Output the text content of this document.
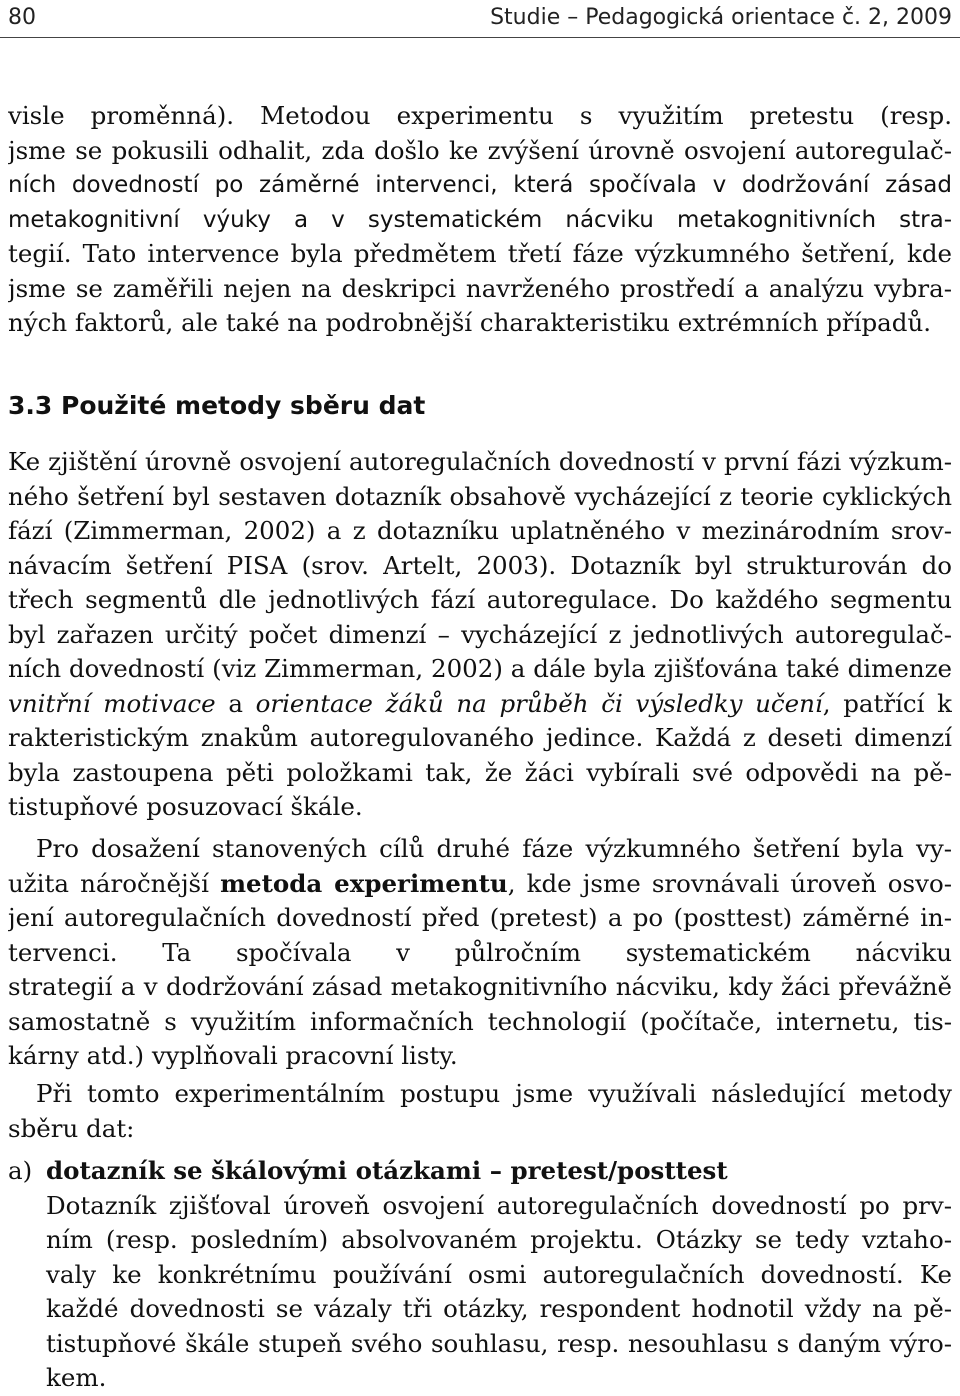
80	Studie – Pedagogická orientace č. 2, 2009
visle proměnná). Metodou experimentu s využitím pretestu (resp.
jsme se pokusili odhalit, zda došlo ke zvýšení úrovně osvojení autoregulač-
ních dovedností po záměrné intervenci, která spočívala v dodržování zásad
metakognitivní výuky a v systematickém nácviku metakognitivních stra-
tegií. Tato intervence byla předmětem třetí fáze výzkumného šetření, kde
jsme se zaměřili nejen na deskripci navrženého prostředí a analýzu vybra-
ných faktorů, ale také na podrobnější charakteristiku extrémních případů.
3.3 Použité metody sběru dat
Ke zjištění úrovně osvojení autoregulačních dovedností v první fázi výzkum-
ného šetření byl sestaven dotazník obsahově vycházející z teorie cyklických
fází (Zimmerman, 2002) a z dotazníku uplatněného v mezinárodním srov-
návacím šetření PISA (srov. Artelt, 2003). Dotazník byl strukturován do
třech segmentů dle jednotlivých fází autoregulace. Do každého segmentu
byl zařazen určitý počet dimenzí – vycházející z jednotlivých autoregulač-
ních dovedností (viz Zimmerman, 2002) a dále byla zjišťována také dimenze
vnitřní motivace a orientace žáků na průběh či výsledky učení, patřící k
rakteristickým znakům autoregulovaného jedince. Každá z deseti dimenzí
byla zastoupena pěti položkami tak, že žáci vybírali své odpovědi na pě-
tistupňové posuzovací škále.
Pro dosažení stanovených cílů druhé fáze výzkumného šetření byla vy-
užita náročnější metoda experimentu, kde jsme srovnávali úroveň osvo-
jení autoregulačních dovedností před (pretest) a po (posttest) záměrné in-
tervenci. Ta spočívala v půlročním systematickém nácviku
strategií a v dodržování zásad metakognitivního nácviku, kdy žáci převážně
samostatně s využitím informačních technologií (počítače, internetu, tis-
kárny atd.) vyplňovali pracovní listy.
Při tomto experimentálním postupu jsme využívali následující metody
sběru dat:
a) dotazník se škálovými otázkami – pretest/posttest
Dotazník zjišťoval úroveň osvojení autoregulačních dovedností po prv-
ním (resp. posledním) absolvovaném projektu. Otázky se tedy vztaho-
valy ke konkrétnímu používání osmi autoregulačních dovedností. Ke
každé dovednosti se vázaly tři otázky, respondent hodnotil vždy na pě-
tistupňové škále stupeň svého souhlasu, resp. nesouhlasu s daným výro-
kem.
